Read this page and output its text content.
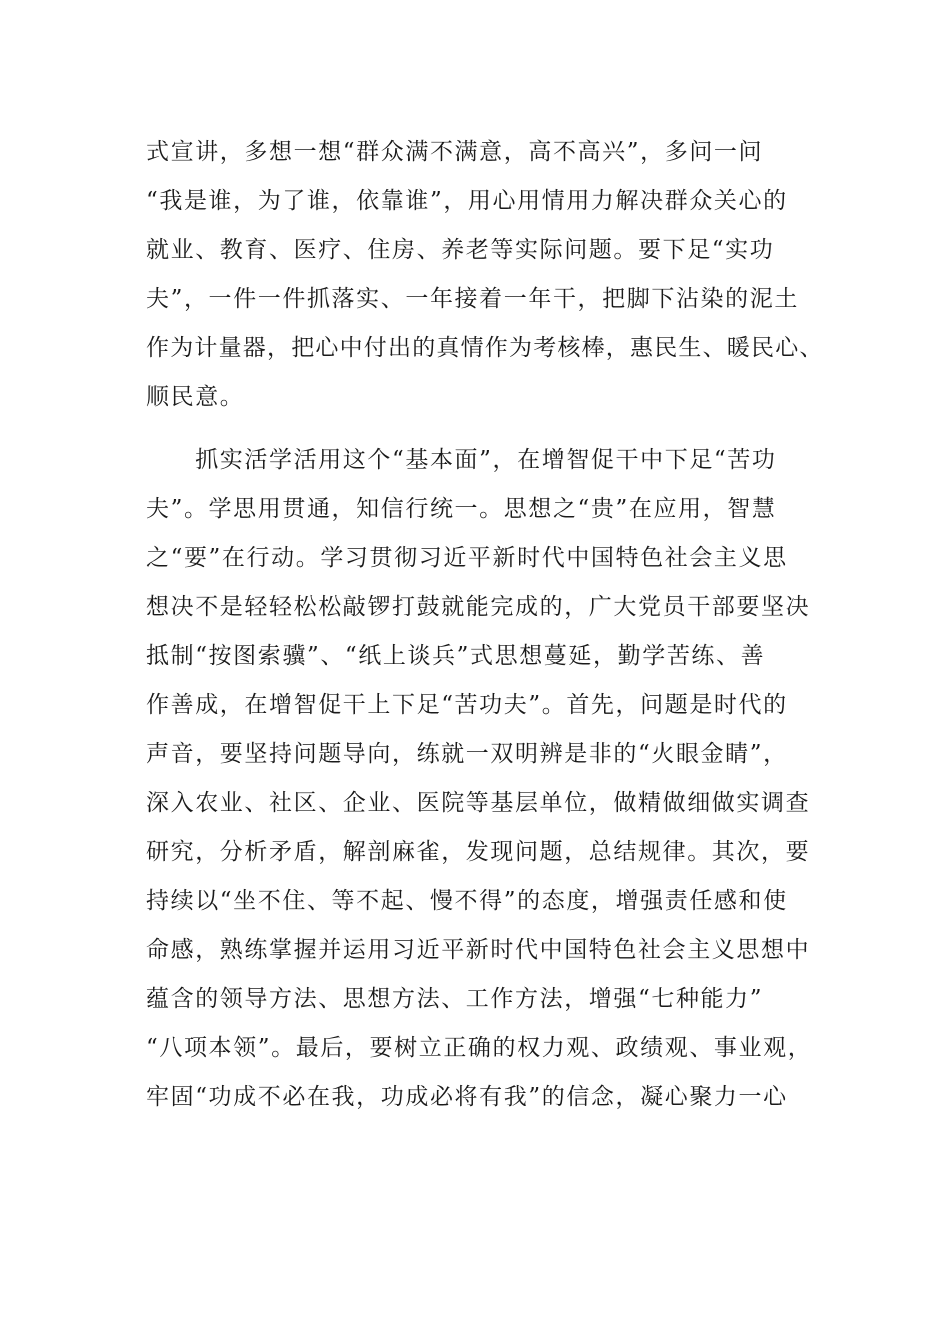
式宣讲，多想一想“群众满不满意，高不高兴”，多问一问
“我是谁，为了谁，依靠谁”，用心用情用力解决群众关心的
就业、教育、医疗、住房、养老等实际问题。要下足“实功
夫”，一件一件抓落实、一年接着一年干，把脚下沾染的泥土
作为计量器，把心中付出的真情作为考核棒，惠民生、暖民心、
顺民意。
　　抓实活学活用这个“基本面”，在增智促干中下足“苦功
夫”。学思用贯通，知信行统一。思想之“贵”在应用，智慧
之“要”在行动。学习贯彻习近平新时代中国特色社会主义思
想决不是轻轻松松敲锣打鼓就能完成的，广大党员干部要坚决
抵制“按图索骥”、“纸上谈兵”式思想蔓延，勤学苦练、善
作善成，在增智促干上下足“苦功夫”。首先，问题是时代的
声音，要坚持问题导向，练就一双明辨是非的“火眼金睛”，
深入农业、社区、企业、医院等基层单位，做精做细做实调查
研究，分析矛盾，解剖麻雀，发现问题，总结规律。其次，要
持续以“坐不住、等不起、慢不得”的态度，增强责任感和使
命感，熟练掌握并运用习近平新时代中国特色社会主义思想中
蕴含的领导方法、思想方法、工作方法，增强“七种能力”
“八项本领”。最后，要树立正确的权力观、政绩观、事业观，
牢固“功成不必在我，功成必将有我”的信念，凝心聚力一心
